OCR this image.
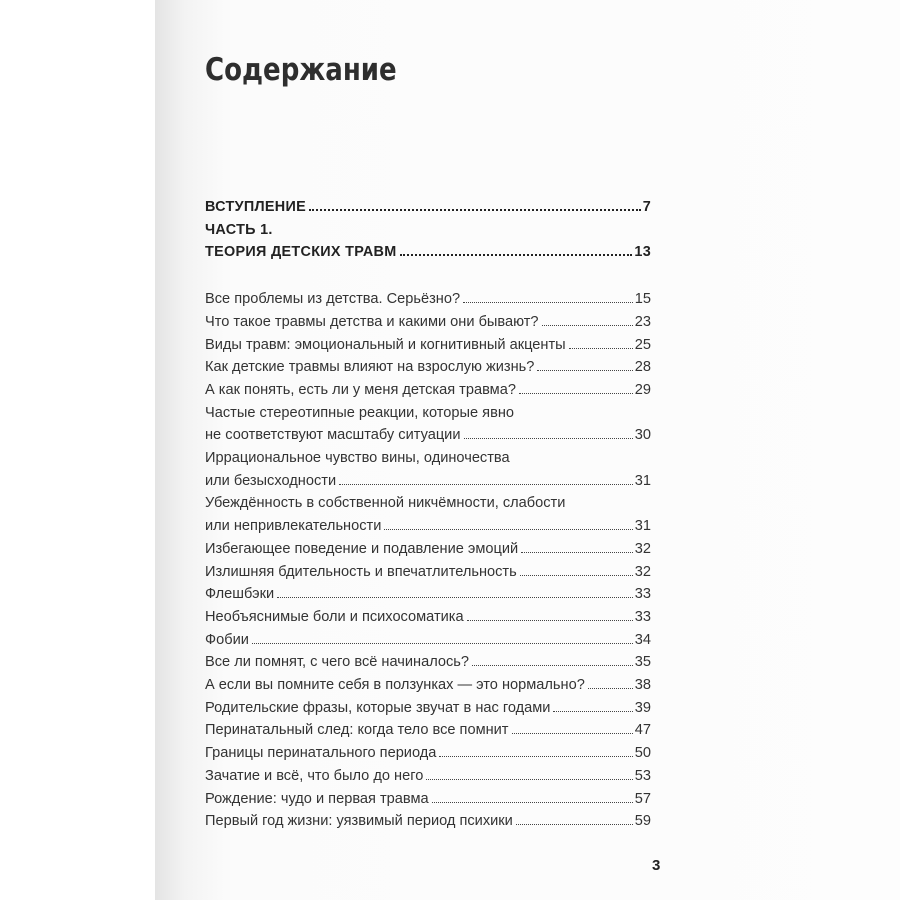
Содержание
ВСТУПЛЕНИЕ	7
ЧАСТЬ 1.
ТЕОРИЯ ДЕТСКИХ ТРАВМ	13
Все проблемы из детства. Серьёзно?	15
Что такое травмы детства и какими они бывают?	23
Виды травм: эмоциональный и когнитивный акценты	25
Как детские травмы влияют на взрослую жизнь?	28
А как понять, есть ли у меня детская травма?	29
Частые стереотипные реакции, которые явно
не соответствуют масштабу ситуации	30
Иррациональное чувство вины, одиночества
или безысходности	31
Убеждённость в собственной никчёмности, слабости
или непривлекательности	31
Избегающее поведение и подавление эмоций	32
Излишняя бдительность и впечатлительность	32
Флешбэки	33
Необъяснимые боли и психосоматика	33
Фобии	34
Все ли помнят, с чего всё начиналось?	35
А если вы помните себя в ползунках — это нормально?	38
Родительские фразы, которые звучат в нас годами	39
Перинатальный след: когда тело все помнит	47
Границы перинатального периода	50
Зачатие и всё, что было до него	53
Рождение: чудо и первая травма	57
Первый год жизни: уязвимый период психики	59
3
